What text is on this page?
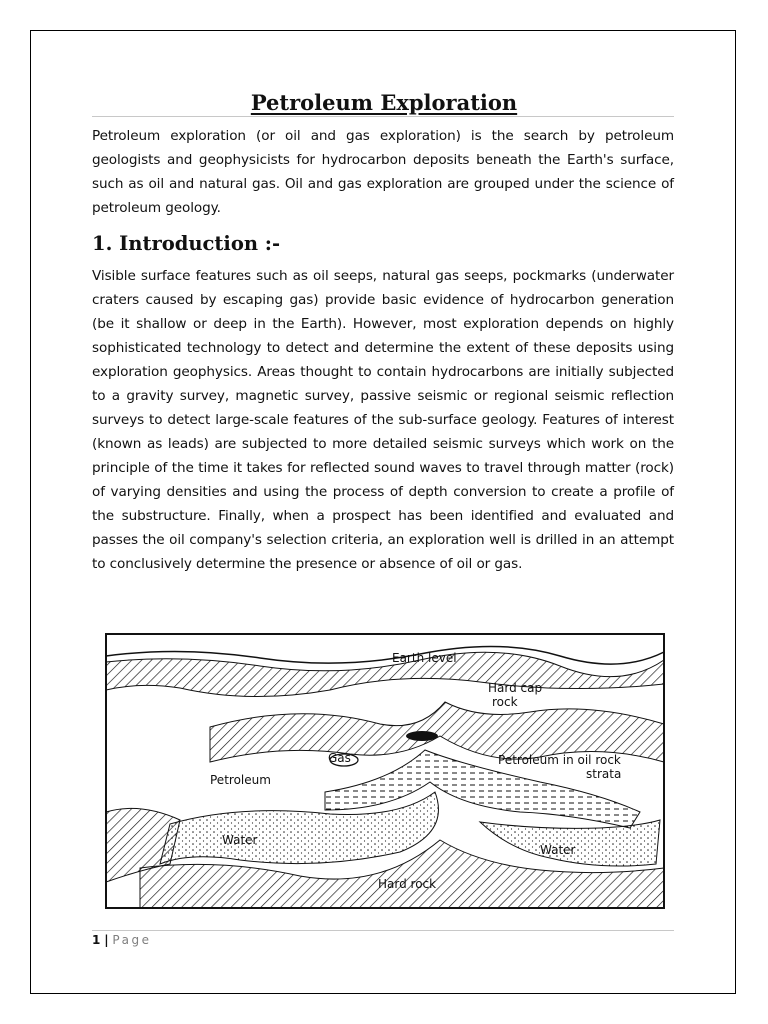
Petroleum Exploration
Petroleum exploration (or oil and gas exploration) is the search by petroleum geologists and geophysicists for hydrocarbon deposits beneath the Earth's surface, such as oil and natural gas. Oil and gas exploration are grouped under the science of petroleum geology.
1. Introduction :-
Visible surface features such as oil seeps, natural gas seeps, pockmarks (underwater craters caused by escaping gas) provide basic evidence of hydrocarbon generation (be it shallow or deep in the Earth). However, most exploration depends on highly sophisticated technology to detect and determine the extent of these deposits using exploration geophysics. Areas thought to contain hydrocarbons are initially subjected to a gravity survey, magnetic survey, passive seismic or regional seismic reflection surveys to detect large-scale features of the sub-surface geology. Features of interest (known as leads) are subjected to more detailed seismic surveys which work on the principle of the time it takes for reflected sound waves to travel through matter (rock) of varying densities and using the process of depth conversion to create a profile of the substructure. Finally, when a prospect has been identified and evaluated and passes the oil company's selection criteria, an exploration well is drilled in an attempt to conclusively determine the presence or absence of oil or gas.
Earth level
Hard cap
rock
Gas
Petroleum
Petroleum in oil rock
strata
Water
Water
Hard rock
1 | Page
